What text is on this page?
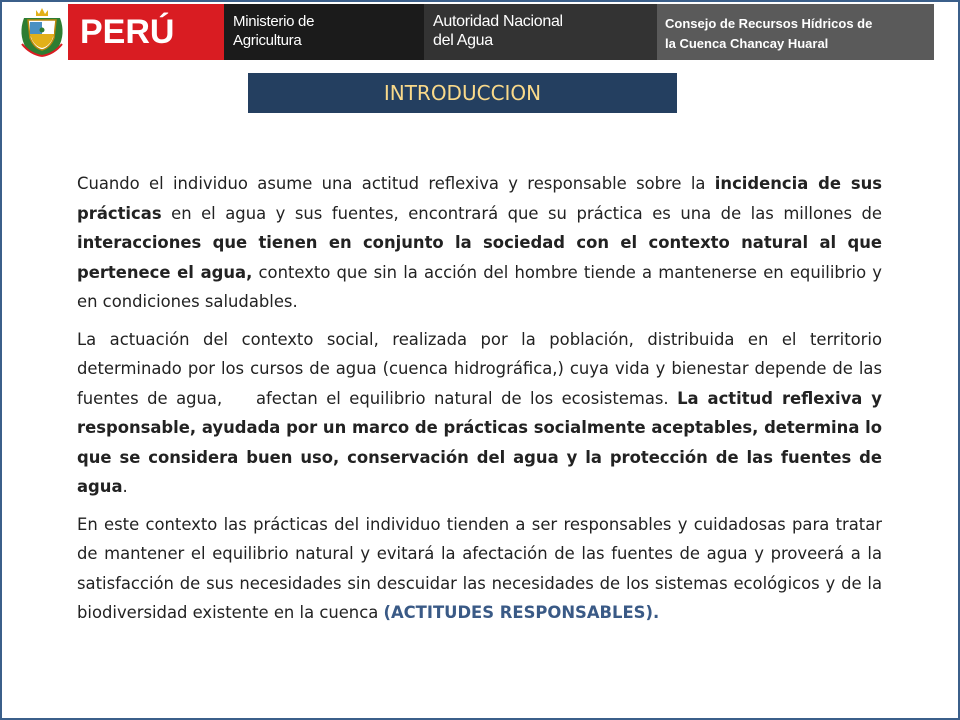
PERÚ	Ministerio de
Agricultura
Autoridad Nacional
del Agua
Consejo de Recursos Hídricos de
la Cuenca Chancay Huaral
INTRODUCCION

Cuando el individuo asume una actitud reflexiva y responsable sobre la incidencia de sus prácticas en el agua y sus fuentes, encontrará que su práctica es una de las millones de interacciones que tienen en conjunto la sociedad con el contexto natural al que pertenece el agua, contexto que sin la acción del hombre tiende a mantenerse en equilibrio y en condiciones saludables.

La actuación del contexto social, realizada por la población, distribuida en el territorio determinado por los cursos de agua (cuenca hidrográfica,) cuya vida y bienestar depende de las fuentes de agua,    afectan el equilibrio natural de los ecosistemas. La actitud reflexiva y responsable, ayudada por un marco de prácticas socialmente aceptables, determina lo que se considera buen uso, conservación del agua y la protección de las fuentes de agua.

En este contexto las prácticas del individuo tienden a ser responsables y cuidadosas para tratar de mantener el equilibrio natural y evitará la afectación de las fuentes de agua y proveerá a la satisfacción de sus necesidades sin descuidar las necesidades de los sistemas ecológicos y de la biodiversidad existente en la cuenca (ACTITUDES RESPONSABLES).
